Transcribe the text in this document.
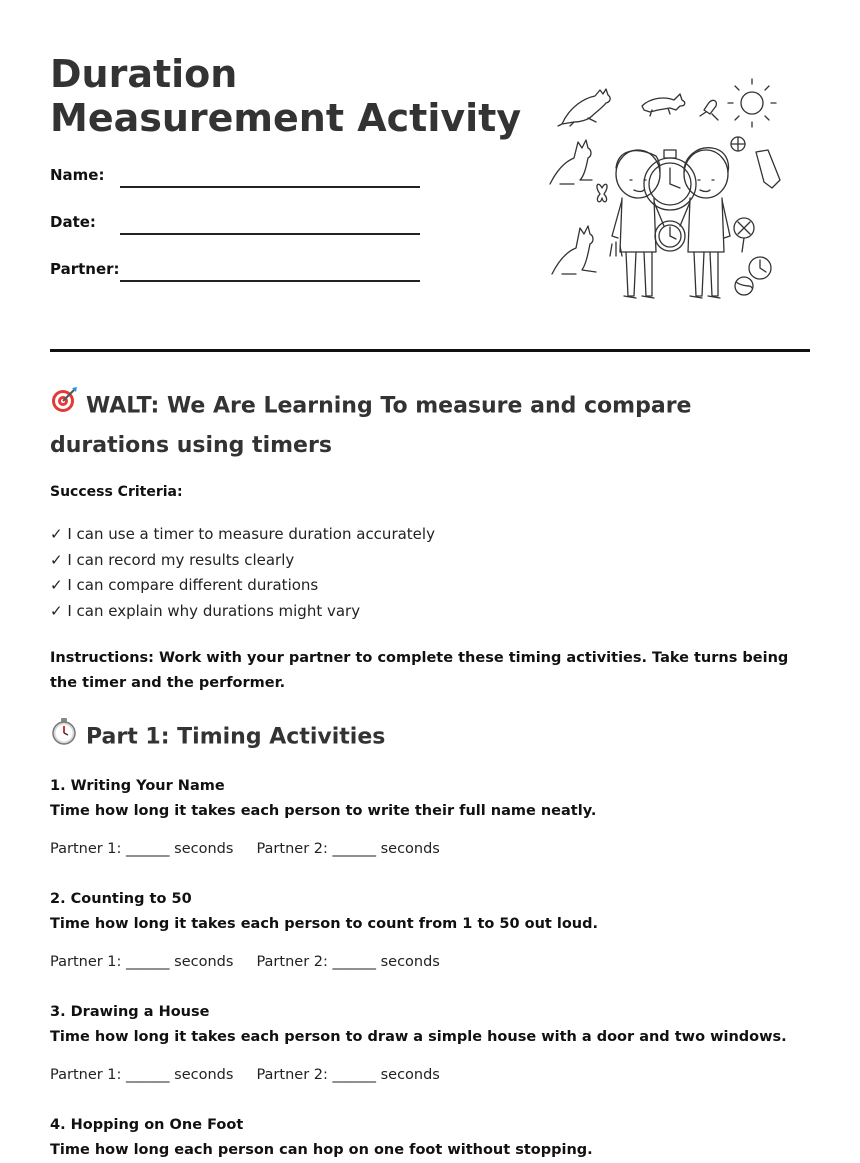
Duration Measurement Activity
Name:
Date:
Partner:
WALT: We Are Learning To measure and compare durations using timers
Success Criteria:
✓ I can use a timer to measure duration accurately
✓ I can record my results clearly
✓ I can compare different durations
✓ I can explain why durations might vary
Instructions: Work with your partner to complete these timing activities. Take turns being the timer and the performer.
Part 1: Timing Activities
1. Writing Your Name
Time how long it takes each person to write their full name neatly.
Partner 1: ______ seconds Partner 2: ______ seconds
2. Counting to 50
Time how long it takes each person to count from 1 to 50 out loud.
Partner 1: ______ seconds Partner 2: ______ seconds
3. Drawing a House
Time how long it takes each person to draw a simple house with a door and two windows.
Partner 1: ______ seconds Partner 2: ______ seconds
4. Hopping on One Foot
Time how long each person can hop on one foot without stopping.
